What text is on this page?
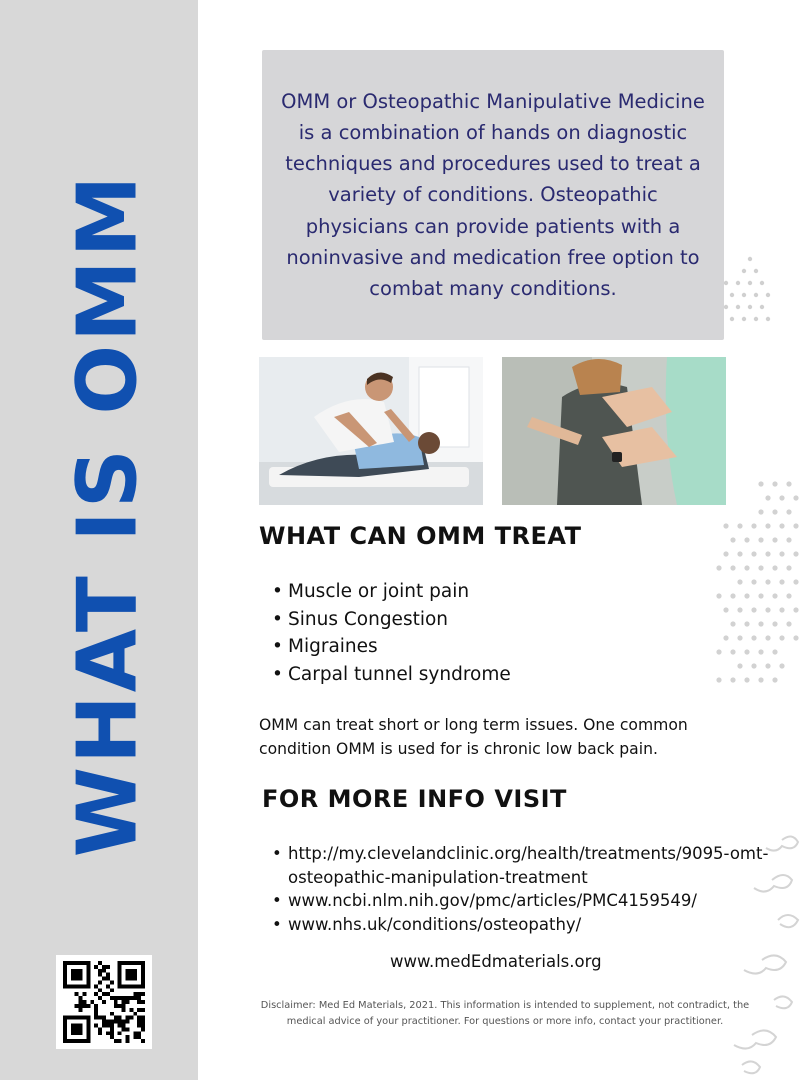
WHAT IS OMM

OMM or Osteopathic Manipulative Medicine is a combination of hands on diagnostic techniques and procedures used to treat a variety of conditions. Osteopathic physicians can provide patients with a noninvasive and medication free option to combat many conditions.

WHAT CAN OMM TREAT
• Muscle or joint pain
• Sinus Congestion
• Migraines
• Carpal tunnel syndrome

OMM can treat short or long term issues. One common condition OMM is used for is chronic low back pain.

FOR MORE INFO VISIT
• http://my.clevelandclinic.org/health/treatments/9095-omt-osteopathic-manipulation-treatment
• www.ncbi.nlm.nih.gov/pmc/articles/PMC4159549/
• www.nhs.uk/conditions/osteopathy/
www.medEdmaterials.org

Disclaimer: Med Ed Materials, 2021. This information is intended to supplement, not contradict, the medical advice of your practitioner. For questions or more info, contact your practitioner.
